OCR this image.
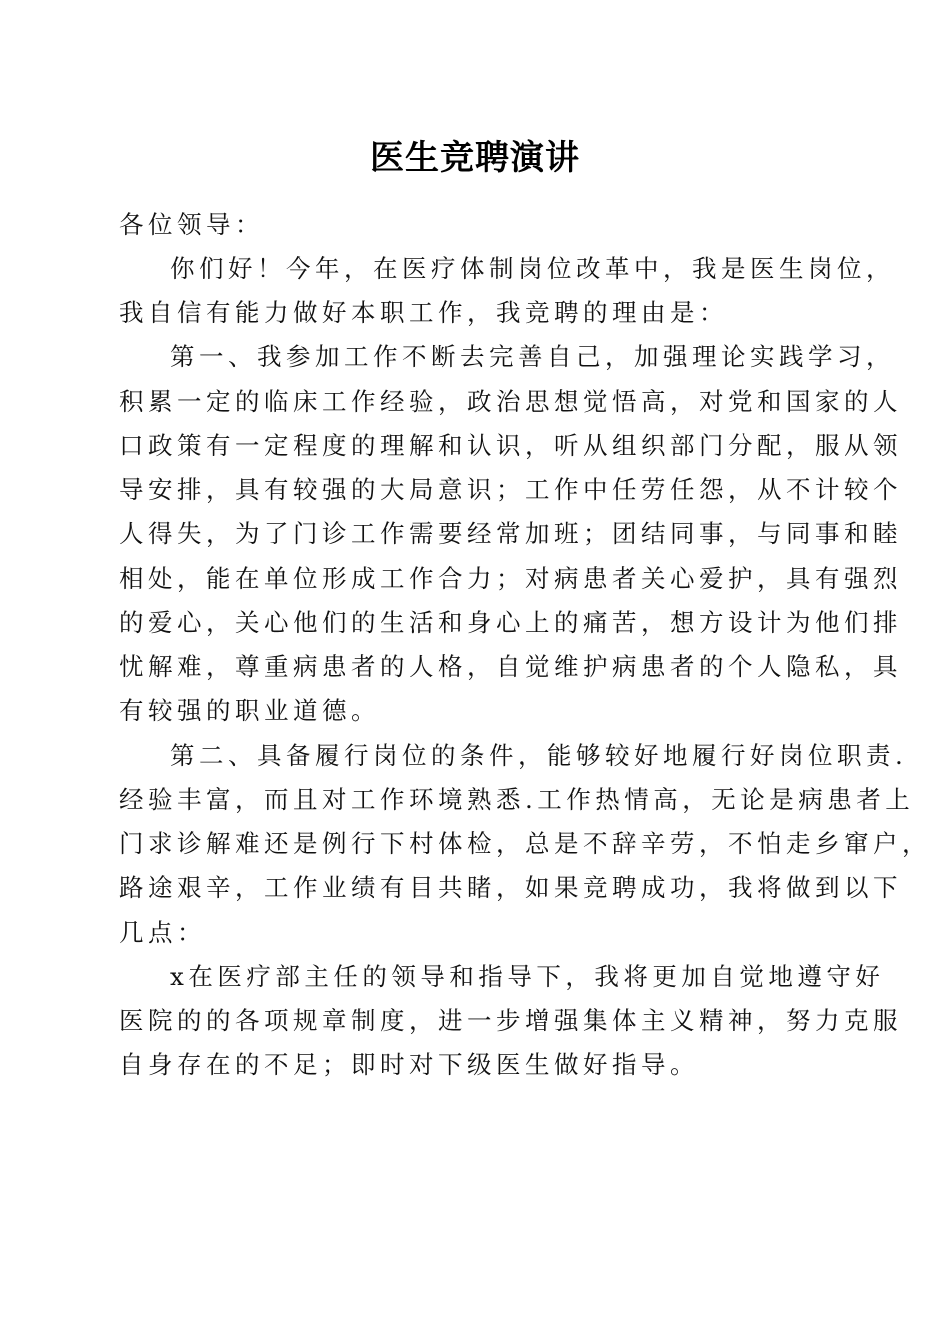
医生竞聘演讲
各位领导：
你们好！今年，在医疗体制岗位改革中，我是医生岗位，
我自信有能力做好本职工作，我竞聘的理由是：
第一、我参加工作不断去完善自己，加强理论实践学习，
积累一定的临床工作经验，政治思想觉悟高，对党和国家的人
口政策有一定程度的理解和认识，听从组织部门分配，服从领
导安排，具有较强的大局意识；工作中任劳任怨，从不计较个
人得失，为了门诊工作需要经常加班；团结同事，与同事和睦
相处，能在单位形成工作合力；对病患者关心爱护，具有强烈
的爱心，关心他们的生活和身心上的痛苦，想方设计为他们排
忧解难，尊重病患者的人格，自觉维护病患者的个人隐私，具
有较强的职业道德。
第二、具备履行岗位的条件，能够较好地履行好岗位职责.
经验丰富，而且对工作环境熟悉.工作热情高，无论是病患者上
门求诊解难还是例行下村体检，总是不辞辛劳，不怕走乡窜户，
路途艰辛，工作业绩有目共睹，如果竞聘成功，我将做到以下
几点：
x在医疗部主任的领导和指导下，我将更加自觉地遵守好
医院的的各项规章制度，进一步增强集体主义精神，努力克服
自身存在的不足；即时对下级医生做好指导。
